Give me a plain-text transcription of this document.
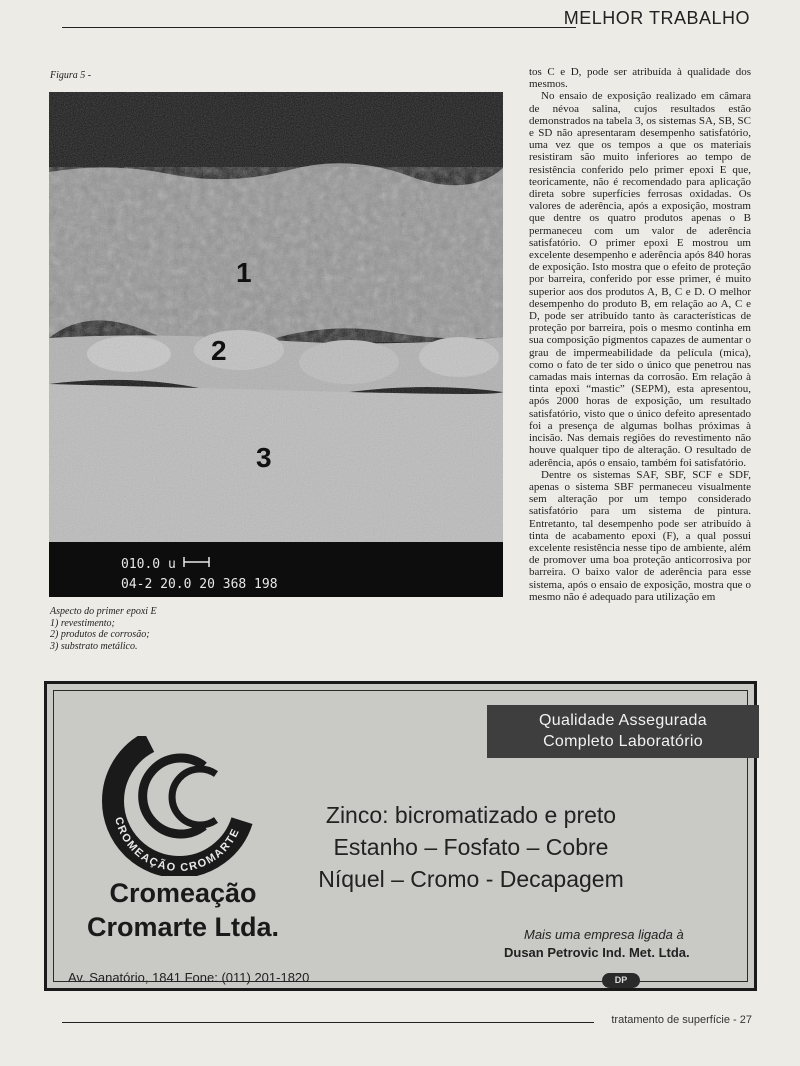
MELHOR TRABALHO
Figura 5 -
1
2
3
010.0 u
04-2 20.0 20 368 198
Aspecto do primer epoxi E
1) revestimento;
2) produtos de corrosão;
3) substrato metálico.

tos C e D, pode ser atribuída à qualidade dos mesmos.

No ensaio de exposição realizado em câmara de névoa salina, cujos resultados estão demonstrados na tabela 3, os sistemas SA, SB, SC e SD não apresentaram desempenho satisfatório, uma vez que os tempos a que os materiais resistiram são muito inferiores ao tempo de resistência conferido pelo primer epoxi E que, teoricamente, não é recomendado para aplicação direta sobre superfícies ferrosas oxidadas. Os valores de aderência, após a exposição, mostram que dentre os quatro produtos apenas o B permaneceu com um valor de aderência satisfatório. O primer epoxi E mostrou um excelente desempenho e aderência após 840 horas de exposição. Isto mostra que o efeito de proteção por barreira, conferido por esse primer, é muito superior aos dos produtos A, B, C e D. O melhor desempenho do produto B, em relação ao A, C e D, pode ser atribuído tanto às características de proteção por barreira, pois o mesmo continha em sua composição pigmentos capazes de aumentar o grau de impermeabilidade da película (mica), como o fato de ter sido o único que penetrou nas camadas mais internas da corrosão. Em relação à tinta epoxi “mastic” (SEPM), esta apresentou, após 2000 horas de exposição, um resultado satisfatório, visto que o único defeito apresentado foi a presença de algumas bolhas próximas à incisão. Nas demais regiões do revestimento não houve qualquer tipo de alteração. O resultado de aderência, após o ensaio, também foi satisfatório.

Dentre os sistemas SAF, SBF, SCF e SDF, apenas o sistema SBF permaneceu visualmente sem alteração por um tempo considerado satisfatório para um sistema de pintura. Entretanto, tal desempenho pode ser atribuído à tinta de acabamento epoxi (F), a qual possui excelente resistência nesse tipo de ambiente, além de promover uma boa proteção anticorrosiva por barreira. O baixo valor de aderência para esse sistema, após o ensaio de exposição, mostra que o mesmo não é adequado para utilização em

Qualidade Assegurada
Completo Laboratório
CROMEAÇÃO CROMARTE
Cromeação
Cromarte Ltda.
Zinco: bicromatizado e preto
Estanho – Fosfato – Cobre
Níquel – Cromo - Decapagem
Mais uma empresa ligada à
Dusan Petrovic Ind. Met. Ltda.
DP
Av. Sanatório, 1841 Fone: (011) 201-1820
tratamento de superfície - 27
